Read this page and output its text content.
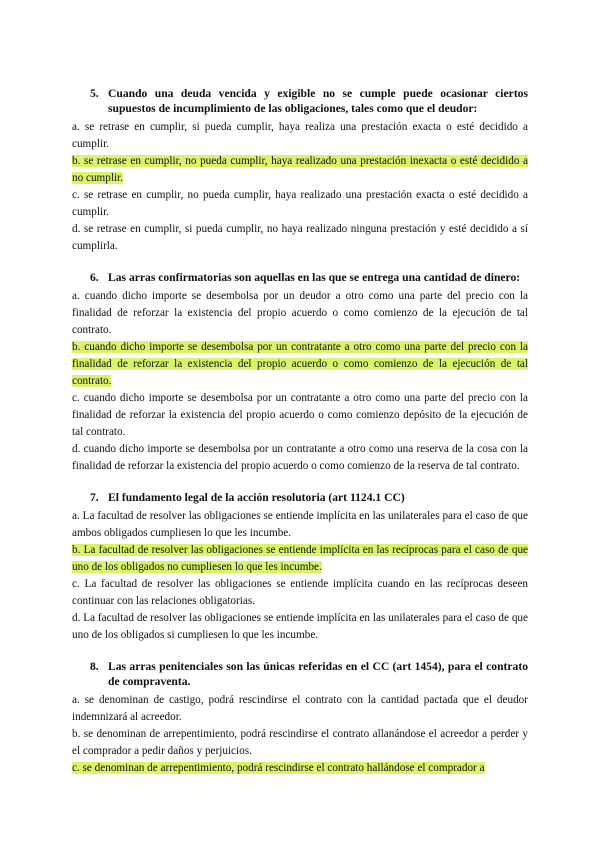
5. Cuando una deuda vencida y exigible no se cumple puede ocasionar ciertos supuestos de incumplimiento de las obligaciones, tales como que el deudor:

a. se retrase en cumplir, si pueda cumplir, haya realiza una prestación exacta o esté decidido a cumplir.

b. se retrase en cumplir, no pueda cumplir, haya realizado una prestación inexacta o esté decidido a no cumplir.

c. se retrase en cumplir, no pueda cumplir, haya realizado una prestación exacta o esté decidido a cumplir.

d. se retrase en cumplir, si pueda cumplir, no haya realizado ninguna prestación y esté decidido a sí cumplirla.

6. Las arras confirmatorias son aquellas en las que se entrega una cantidad de dinero:

a. cuando dicho importe se desembolsa por un deudor a otro como una parte del precio con la finalidad de reforzar la existencia del propio acuerdo o como comienzo de la ejecución de tal contrato.

b. cuando dicho importe se desembolsa por un contratante a otro como una parte del precio con la finalidad de reforzar la existencia del propio acuerdo o como comienzo de la ejecución de tal contrato.

c. cuando dicho importe se desembolsa por un contratante a otro como una parte del precio con la finalidad de reforzar la existencia del propio acuerdo o como comienzo depósito de la ejecución de tal contrato.

d. cuando dicho importe se desembolsa por un contratante a otro como una reserva de la cosa con la finalidad de reforzar la existencia del propio acuerdo o como comienzo de la reserva de tal contrato.

7. El fundamento legal de la acción resolutoria (art 1124.1 CC)

a. La facultad de resolver las obligaciones se entiende implícita en las unilaterales para el caso de que ambos obligados cumpliesen lo que les incumbe.

b. La facultad de resolver las obligaciones se entiende implícita en las recíprocas para el caso de que uno de los obligados no cumpliesen lo que les incumbe.

c. La facultad de resolver las obligaciones se entiende implícita cuando en las recíprocas deseen continuar con las relaciones obligatorias.

d. La facultad de resolver las obligaciones se entiende implícita en las unilaterales para el caso de que uno de los obligados si cumpliesen lo que les incumbe.

8. Las arras penitenciales son las únicas referidas en el CC (art 1454), para el contrato de compraventa.

a. se denominan de castigo, podrá rescindirse el contrato con la cantidad pactada que el deudor indemnizará al acreedor.

b. se denominan de arrepentimiento, podrá rescindirse el contrato allanándose el acreedor a perder y el comprador a pedir daños y perjuicios.

c. se denominan de arrepentimiento, podrá rescindirse el contrato hallándose el comprador a
